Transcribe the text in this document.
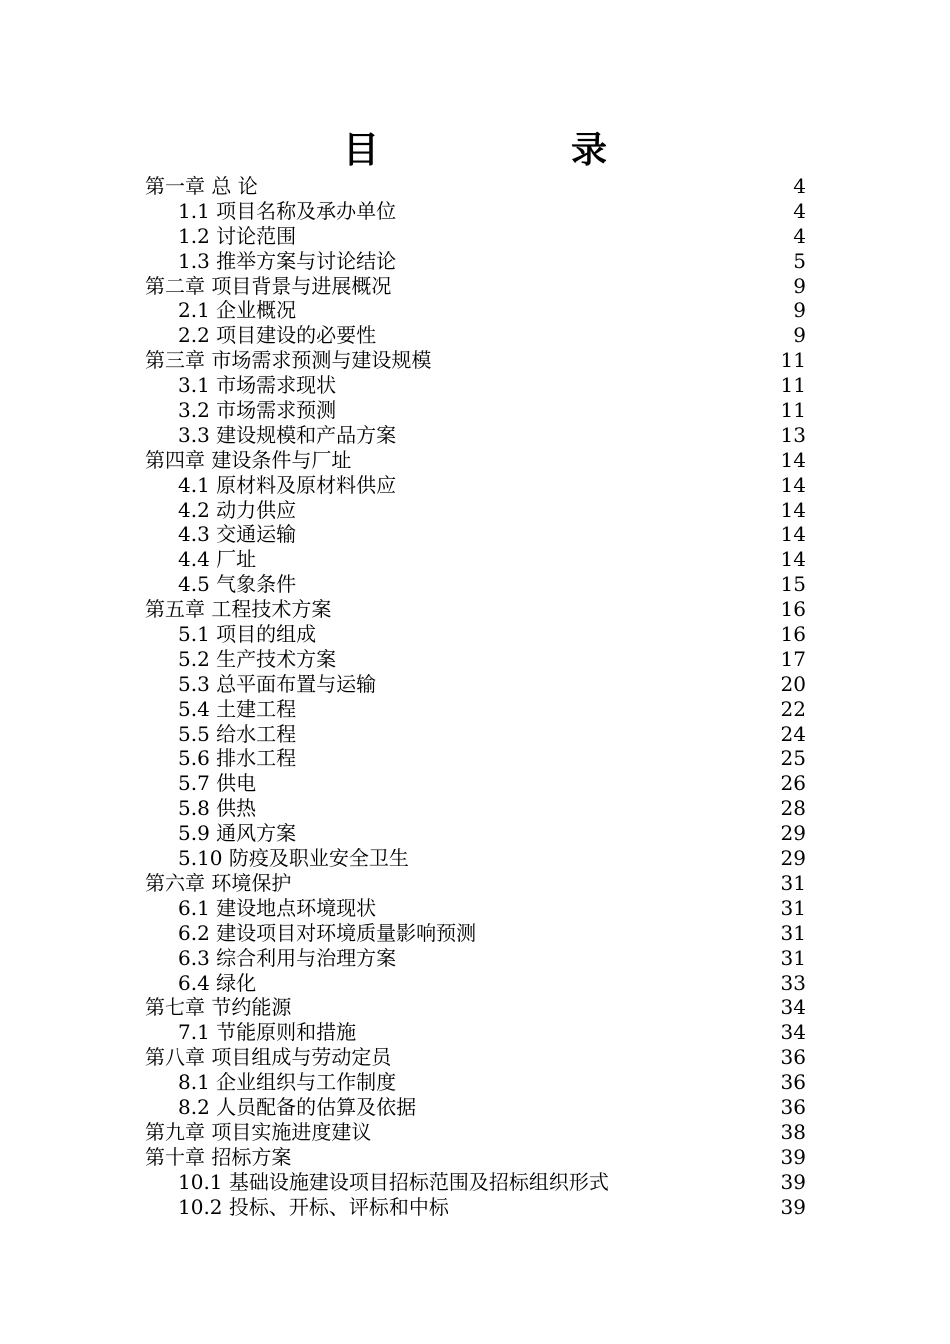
目　录
第一章 总 论	4
1.1 项目名称及承办单位	4
1.2 讨论范围	4
1.3 推举方案与讨论结论	5
第二章 项目背景与进展概况	9
2.1 企业概况	9
2.2 项目建设的必要性	9
第三章 市场需求预测与建设规模	11
3.1 市场需求现状	11
3.2 市场需求预测	11
3.3 建设规模和产品方案	13
第四章 建设条件与厂址	14
4.1 原材料及原材料供应	14
4.2 动力供应	14
4.3 交通运输	14
4.4 厂址	14
4.5 气象条件	15
第五章 工程技术方案	16
5.1 项目的组成	16
5.2 生产技术方案	17
5.3 总平面布置与运输	20
5.4 土建工程	22
5.5 给水工程	24
5.6 排水工程	25
5.7 供电	26
5.8 供热	28
5.9 通风方案	29
5.10 防疫及职业安全卫生	29
第六章 环境保护	31
6.1 建设地点环境现状	31
6.2 建设项目对环境质量影响预测	31
6.3 综合利用与治理方案	31
6.4 绿化	33
第七章 节约能源	34
7.1 节能原则和措施	34
第八章 项目组成与劳动定员	36
8.1 企业组织与工作制度	36
8.2 人员配备的估算及依据	36
第九章 项目实施进度建议	38
第十章 招标方案	39
10.1 基础设施建设项目招标范围及招标组织形式	39
10.2 投标、开标、评标和中标	39
